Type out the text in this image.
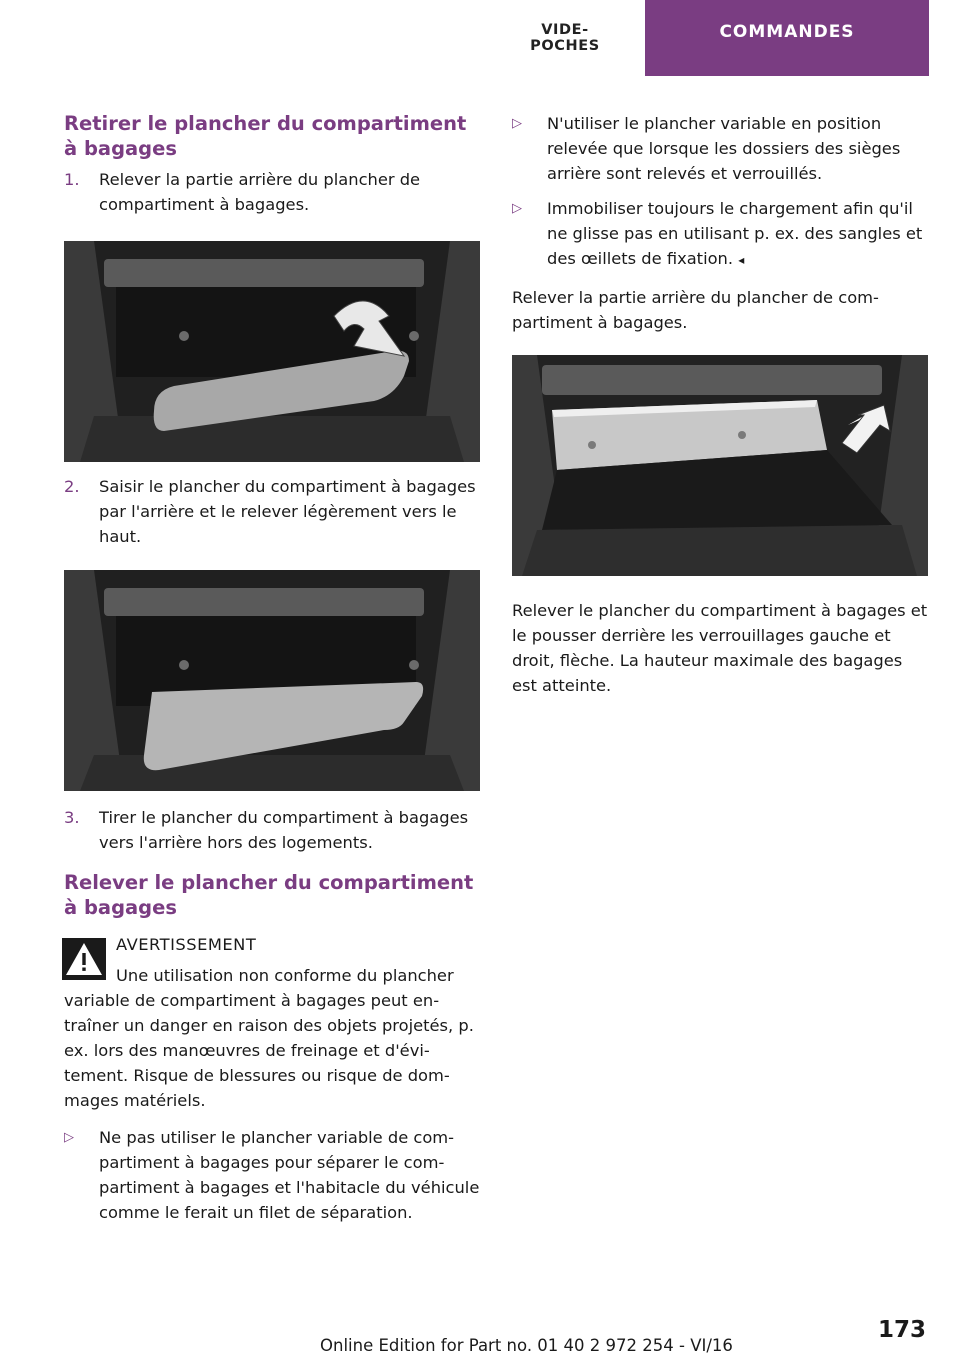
VIDE-POCHES
COMMANDES
Retirer le plancher du compartiment à bagages
1. Relever la partie arrière du plancher de compartiment à bagages.
2. Saisir le plancher du compartiment à bagages par l'arrière et le relever légèrement vers le haut.
3. Tirer le plancher du compartiment à bagages vers l'arrière hors des logements.
Relever le plancher du compartiment à bagages
AVERTISSEMENT

Une utilisation non conforme du plancher variable de compartiment à bagages peut entraîner un danger en raison des objets projetés, p. ex. lors des manœuvres de freinage et d'évitement. Risque de blessures ou risque de dommages matériels.

▷ Ne pas utiliser le plancher variable de compartiment à bagages pour séparer le compartiment à bagages et l'habitacle du véhicule comme le ferait un filet de séparation.
▷ N'utiliser le plancher variable en position relevée que lorsque les dossiers des sièges arrière sont relevés et verrouillés.
▷ Immobiliser toujours le chargement afin qu'il ne glisse pas en utilisant p. ex. des sangles et des œillets de fixation. ◂

Relever la partie arrière du plancher de compartiment à bagages.

Relever le plancher du compartiment à bagages et le pousser derrière les verrouillages gauche et droit, flèche. La hauteur maximale des bagages est atteinte.

Online Edition for Part no. 01 40 2 972 254 - VI/16
173
